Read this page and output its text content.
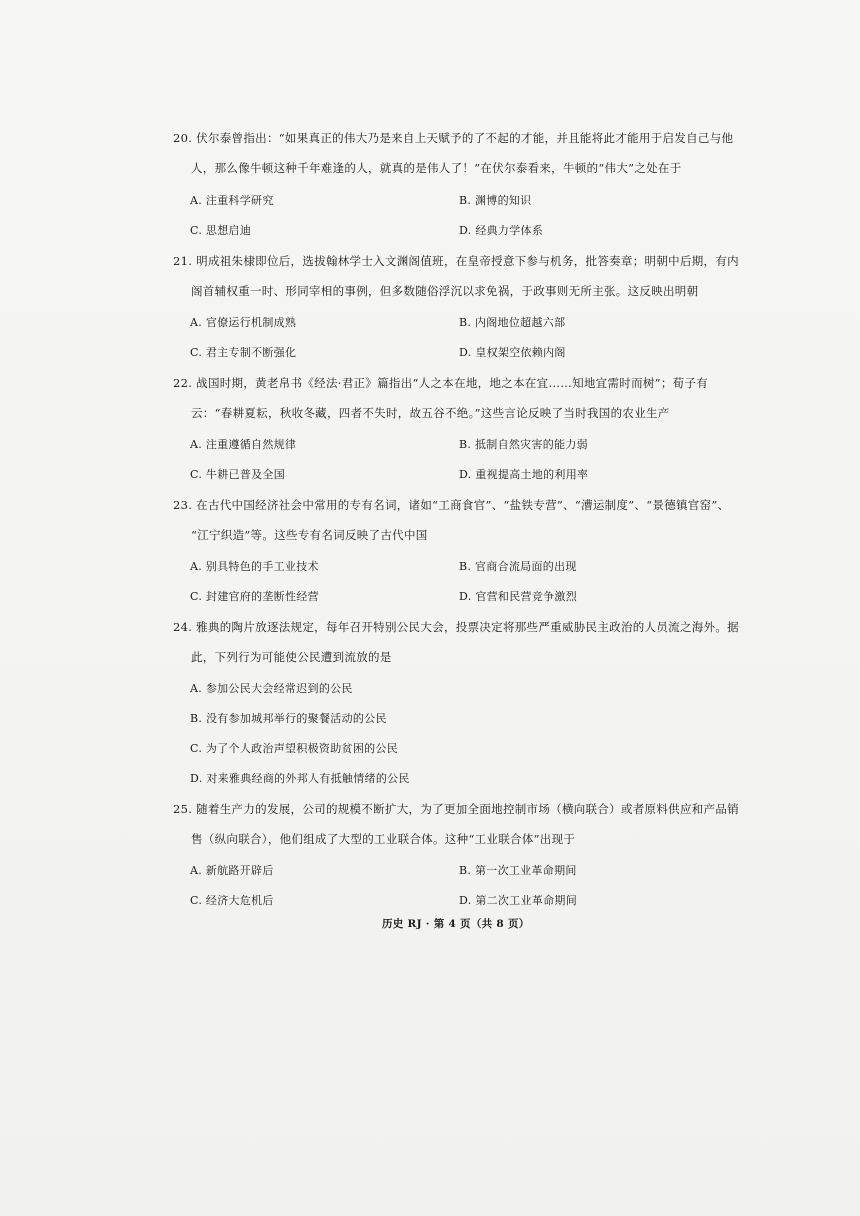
20. 伏尔泰曾指出：“如果真正的伟大乃是来自上天赋予的了不起的才能，并且能将此才能用于启发自己与他
人，那么像牛顿这种千年难逢的人，就真的是伟人了！”在伏尔泰看来，牛顿的“伟大”之处在于
A. 注重科学研究	B. 渊博的知识
C. 思想启迪	D. 经典力学体系
21. 明成祖朱棣即位后，选拔翰林学士入文渊阁值班，在皇帝授意下参与机务，批答奏章；明朝中后期，有内
阁首辅权重一时、形同宰相的事例，但多数随俗浮沉以求免祸，于政事则无所主张。这反映出明朝
A. 官僚运行机制成熟	B. 内阁地位超越六部
C. 君主专制不断强化	D. 皇权架空依赖内阁
22. 战国时期，黄老帛书《经法·君正》篇指出“人之本在地，地之本在宜……知地宜需时而树”；荀子有
云：“春耕夏耘，秋收冬藏，四者不失时，故五谷不绝。”这些言论反映了当时我国的农业生产
A. 注重遵循自然规律	B. 抵制自然灾害的能力弱
C. 牛耕已普及全国	D. 重视提高土地的利用率
23. 在古代中国经济社会中常用的专有名词，诸如“工商食官”、“盐铁专营”、“漕运制度”、“景德镇官窑”、
“江宁织造”等。这些专有名词反映了古代中国
A. 别具特色的手工业技术	B. 官商合流局面的出现
C. 封建官府的垄断性经营	D. 官营和民营竞争激烈
24. 雅典的陶片放逐法规定，每年召开特别公民大会，投票决定将那些严重威胁民主政治的人员流之海外。据
此，下列行为可能使公民遭到流放的是
A. 参加公民大会经常迟到的公民
B. 没有参加城邦举行的聚餐活动的公民
C. 为了个人政治声望积极资助贫困的公民
D. 对来雅典经商的外邦人有抵触情绪的公民
25. 随着生产力的发展，公司的规模不断扩大，为了更加全面地控制市场（横向联合）或者原料供应和产品销
售（纵向联合），他们组成了大型的工业联合体。这种“工业联合体”出现于
A. 新航路开辟后	B. 第一次工业革命期间
C. 经济大危机后	D. 第二次工业革命期间
历史 RJ · 第 4 页（共 8 页）
